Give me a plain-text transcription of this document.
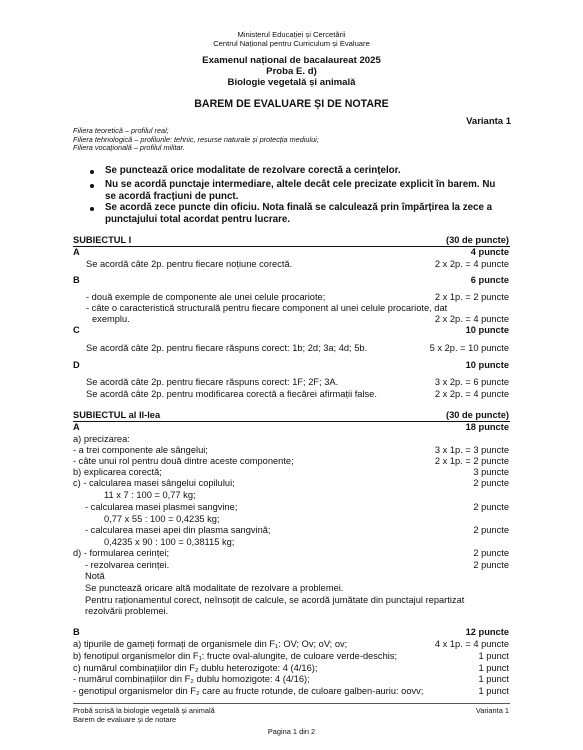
Ministerul Educației și Cercetării
Centrul Național pentru Curriculum și Evaluare
Examenul național de bacalaureat 2025
Proba E. d)
Biologie vegetală și animală
BAREM DE EVALUARE ȘI DE NOTARE
Varianta 1
Filiera teoretică – profilul real;
Filiera tehnologică – profilurile: tehnic, resurse naturale și protecția mediului;
Filiera vocațională – profilul militar.
Se punctează orice modalitate de rezolvare corectă a cerințelor.
Nu se acordă punctaje intermediare, altele decât cele precizate explicit în barem. Nu
se acordă fracțiuni de punct.
Se acordă zece puncte din oficiu. Nota finală se calculează prin împărțirea la zece a
punctajului total acordat pentru lucrare.
SUBIECTUL I	(30 de puncte)
A	4 puncte
Se acordă câte 2p. pentru fiecare noțiune corectă.	2 x 2p. = 4 puncte
B	6 puncte
- două exemple de componente ale unei celule procariote;	2 x 1p. = 2 puncte
- câte o caracteristică structurală pentru fiecare component al unei celule procariote, dat
exemplu.	2 x 2p. = 4 puncte
C	10 puncte
Se acordă câte 2p. pentru fiecare răspuns corect: 1b; 2d; 3a; 4d; 5b.	5 x 2p. = 10 puncte
D	10 puncte
Se acordă câte 2p. pentru fiecare răspuns corect: 1F; 2F; 3A.	3 x 2p. = 6 puncte
Se acordă câte 2p. pentru modificarea corectă a fiecărei afirmații false.	2 x 2p. = 4 puncte
SUBIECTUL al II-lea	(30 de puncte)
A	18 puncte
a) precizarea:
- a trei componente ale sângelui;	3 x 1p. = 3 puncte
- câte unui rol pentru două dintre aceste componente;	2 x 1p. = 2 puncte
b) explicarea corectă;	3 puncte
c) - calcularea masei sângelui copilului;	2 puncte
11 x 7 : 100 = 0,77 kg;
- calcularea masei plasmei sangvine;	2 puncte
0,77 x 55 : 100 = 0,4235 kg;
- calcularea masei apei din plasma sangvină;	2 puncte
0,4235 x 90 : 100 = 0,38115 kg;
d) - formularea cerinței;	2 puncte
- rezolvarea cerinței.	2 puncte
Notă
Se punctează oricare altă modalitate de rezolvare a problemei.
Pentru raționamentul corect, neînsoțit de calcule, se acordă jumătate din punctajul repartizat
rezolvării problemei.
B	12 puncte
a) tipurile de gameți formați de organismele din F₁: OV; Ov; oV; ov;	4 x 1p. = 4 puncte
b) fenotipul organismelor din F₁: fructe oval-alungite, de culoare verde-deschis;	1 punct
c) numărul combinațiilor din F₂ dublu heterozigote: 4 (4/16);	1 punct
- numărul combinațiilor din F₂ dublu homozigote: 4 (4/16);	1 punct
- genotipul organismelor din F₂ care au fructe rotunde, de culoare galben-auriu: oovv;	1 punct
Probă scrisă la biologie vegetală și animală	Varianta 1
Barem de evaluare și de notare
Pagina 1 din 2
